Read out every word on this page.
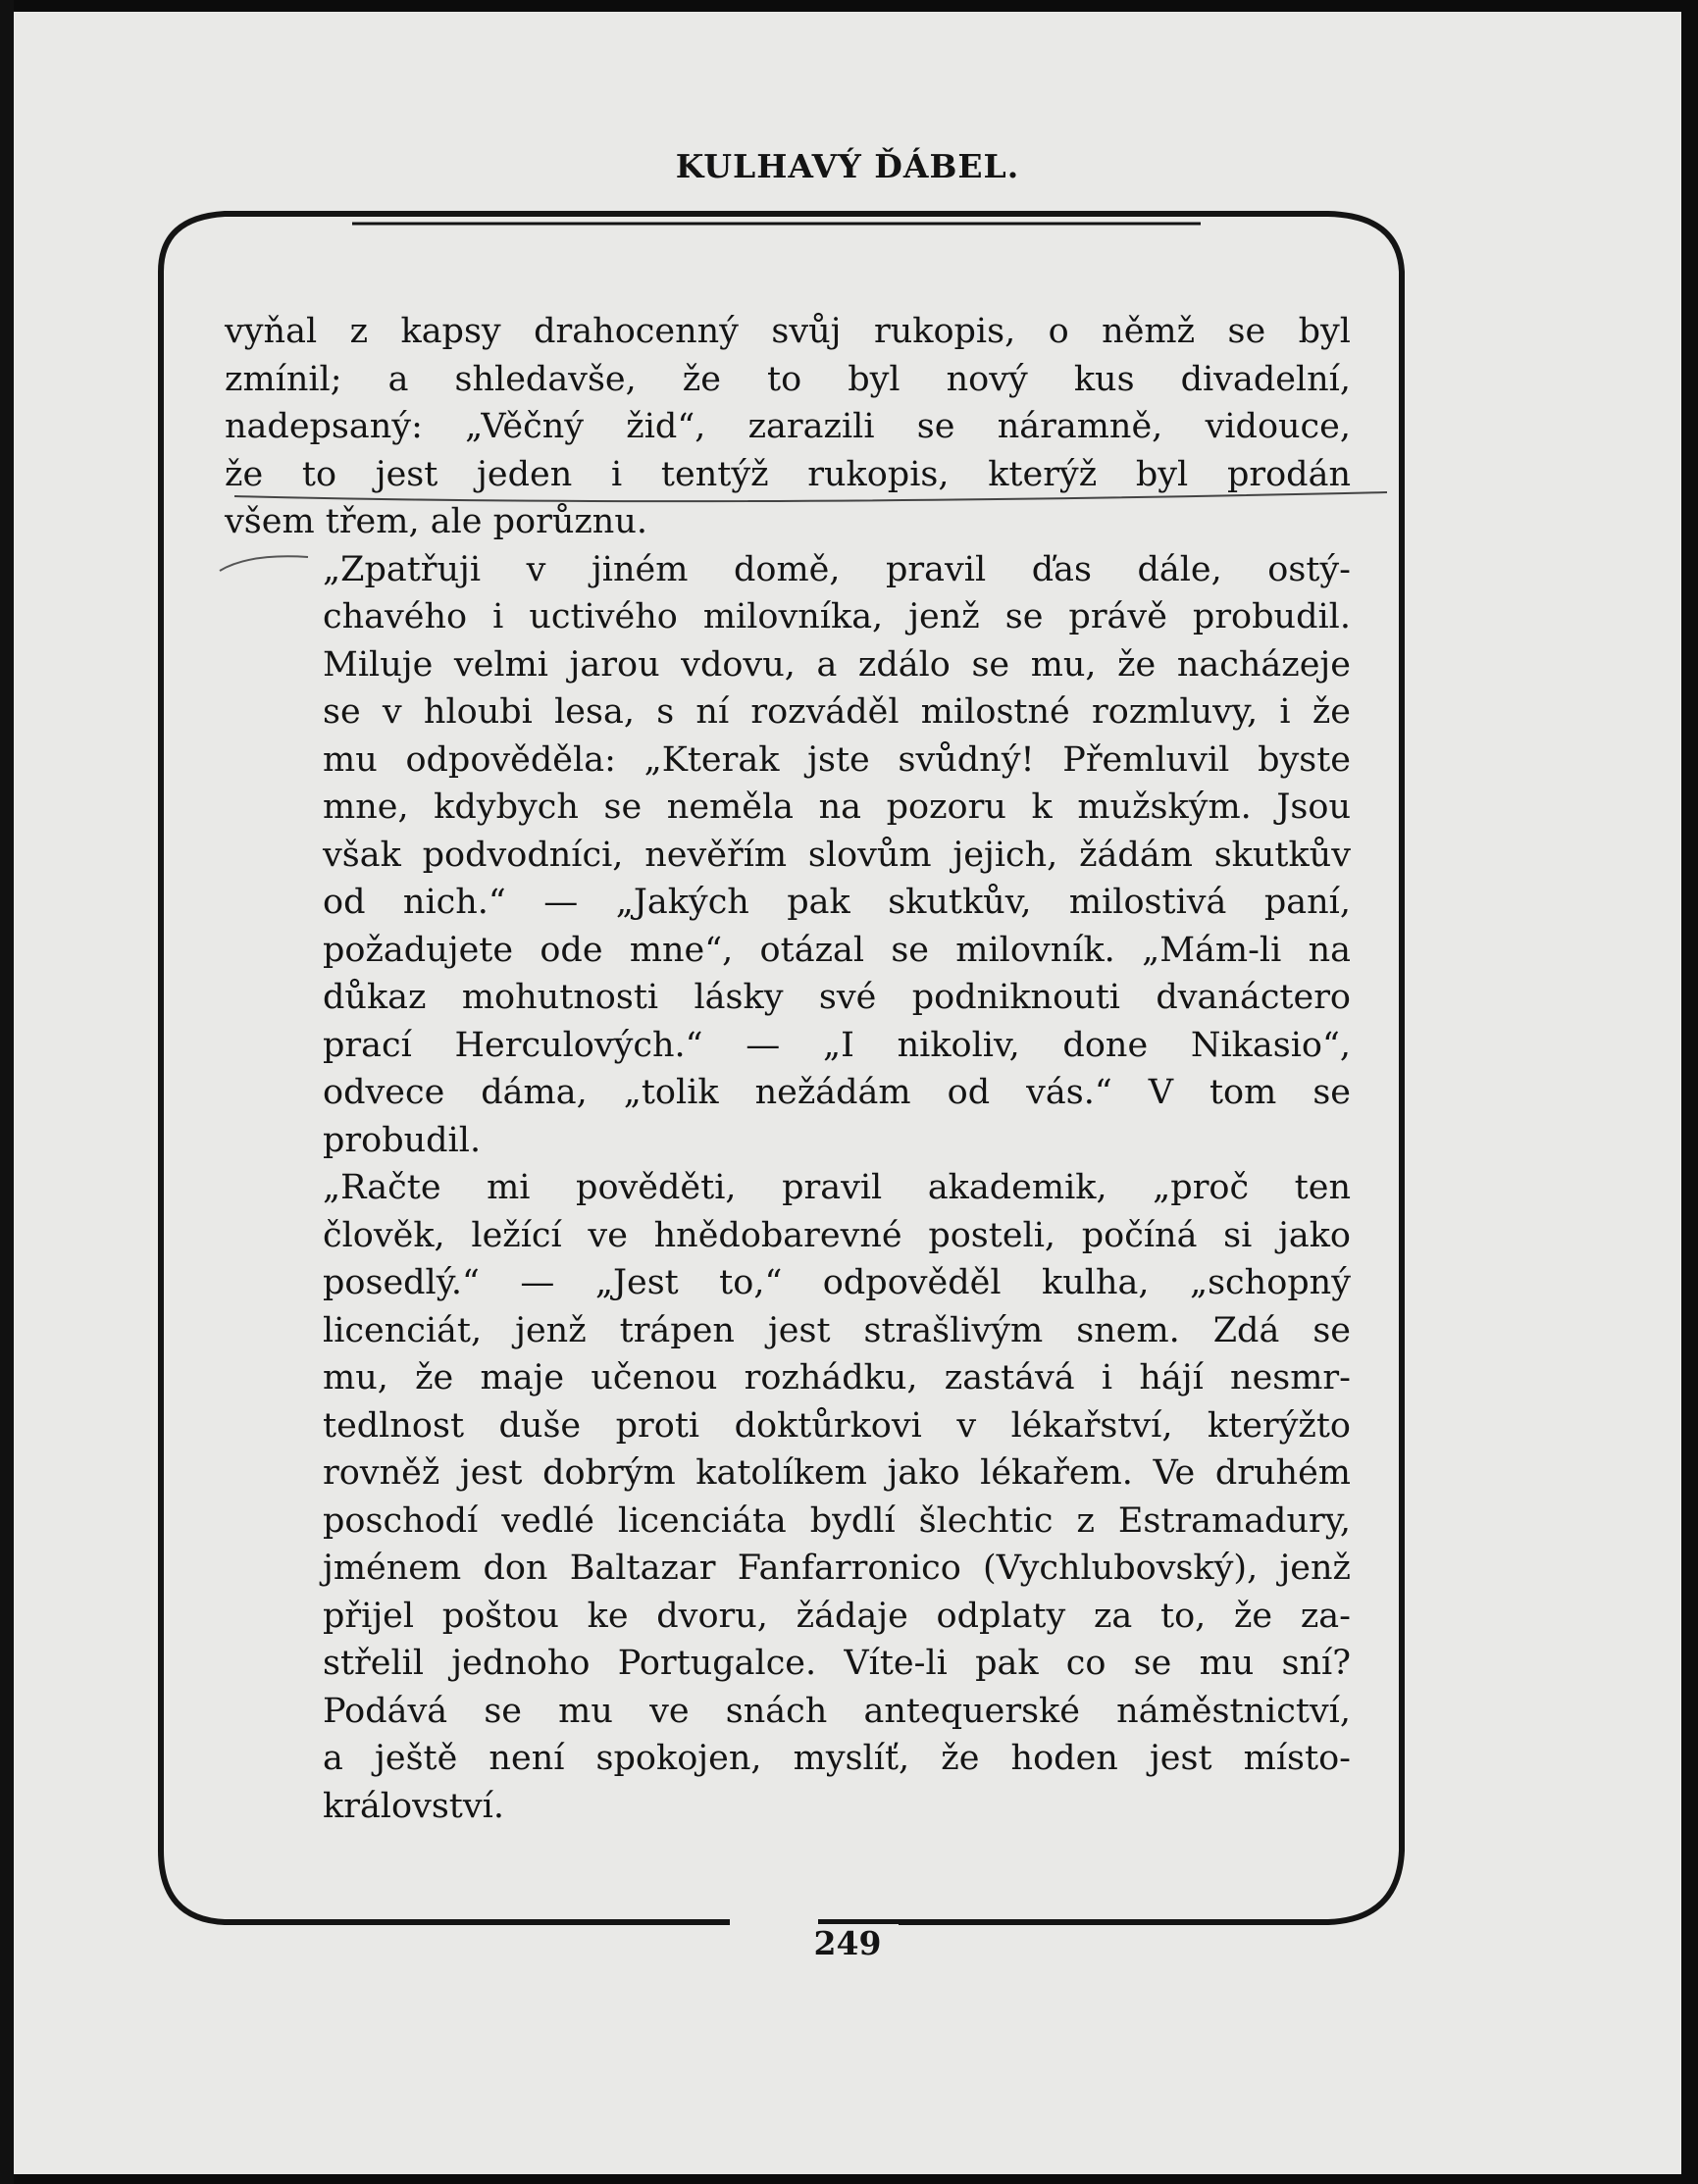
KULHAVÝ ĎÁBEL.

vyňal z kapsy drahocenný svůj rukopis, o němž se byl
zmínil; a shledavše, že to byl nový kus divadelní,
nadepsaný: „Věčný žid“, zarazili se náramně, vidouce,
že to jest jeden i tentýž rukopis, kterýž byl prodán
všem třem, ale porůznu.

„Zpatřuji v jiném domě, pravil ďas dále, ostý-
chavého i uctivého milovníka, jenž se právě probudil.
Miluje velmi jarou vdovu, a zdálo se mu, že nacházeje
se v hloubi lesa, s ní rozváděl milostné rozmluvy, i že
mu odpověděla: „Kterak jste svůdný! Přemluvil byste
mne, kdybych se neměla na pozoru k mužským. Jsou
však podvodníci, nevěřím slovům jejich, žádám skutkův
od nich.“ — „Jakých pak skutkův, milostivá paní,
požadujete ode mne“, otázal se milovník. „Mám-li na
důkaz mohutnosti lásky své podniknouti dvanáctero
prací Herculových.“ — „I nikoliv, done Nikasio“,
odvece dáma, „tolik nežádám od vás.“ V tom se
probudil.

„Račte mi pověděti, pravil akademik, „proč ten
člověk, ležící ve hnědobarevné posteli, počíná si jako
posedlý.“ — „Jest to,“ odpověděl kulha, „schopný
licenciát, jenž trápen jest strašlivým snem. Zdá se
mu, že maje učenou rozhádku, zastává i hájí nesmr-
tedlnost duše proti doktůrkovi v lékařství, kterýžto
rovněž jest dobrým katolíkem jako lékařem. Ve druhém
poschodí vedlé licenciáta bydlí šlechtic z Estramadury,
jménem don Baltazar Fanfarronico (Vychlubovský), jenž
přijel poštou ke dvoru, žádaje odplaty za to, že za-
střelil jednoho Portugalce. Víte-li pak co se mu sní?
Podává se mu ve snách antequerské náměstnictví,
a ještě není spokojen, myslíť, že hoden jest místo-
království.

249
